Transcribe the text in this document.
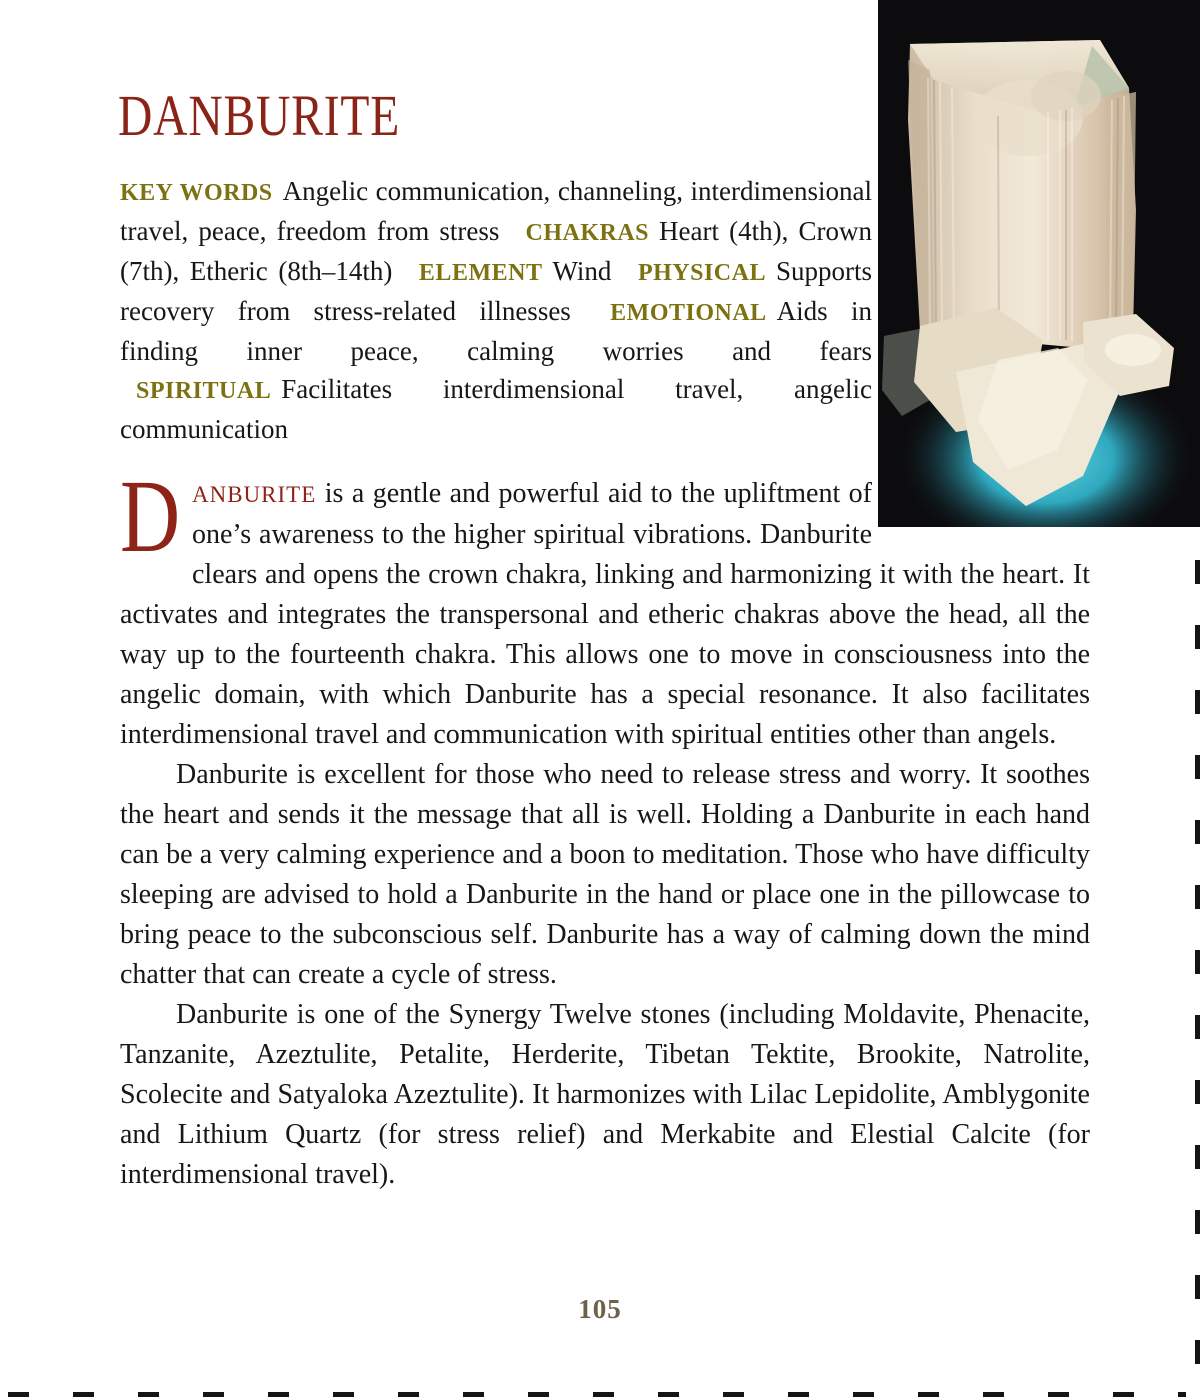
DANBURITE

KEY WORDS Angelic communication, channeling, interdimensional travel, peace, freedom from stress CHAKRAS Heart (4th), Crown (7th), Etheric (8th–14th) ELEMENT Wind PHYSICAL Supports recovery from stress-related illnesses EMOTIONAL Aids in finding inner peace, calming worries and fears SPIRITUAL Facilitates interdimensional travel, angelic communication

DANBURITE is a gentle and powerful aid to the upliftment of one’s awareness to the higher spiritual vibrations. Danburite clears and opens the crown chakra, linking and harmonizing it with the heart. It activates and integrates the transpersonal and etheric chakras above the head, all the way up to the fourteenth chakra. This allows one to move in consciousness into the angelic domain, with which Danburite has a special resonance. It also facilitates interdimensional travel and communication with spiritual entities other than angels.

Danburite is excellent for those who need to release stress and worry. It soothes the heart and sends it the message that all is well. Holding a Danburite in each hand can be a very calming experience and a boon to meditation. Those who have difficulty sleeping are advised to hold a Danburite in the hand or place one in the pillowcase to bring peace to the subconscious self. Danburite has a way of calming down the mind chatter that can create a cycle of stress.

Danburite is one of the Synergy Twelve stones (including Moldavite, Phenacite, Tanzanite, Azeztulite, Petalite, Herderite, Tibetan Tektite, Brookite, Natrolite, Scolecite and Satyaloka Azeztulite). It harmonizes with Lilac Lepidolite, Amblygonite and Lithium Quartz (for stress relief) and Merkabite and Elestial Calcite (for interdimensional travel).

105
